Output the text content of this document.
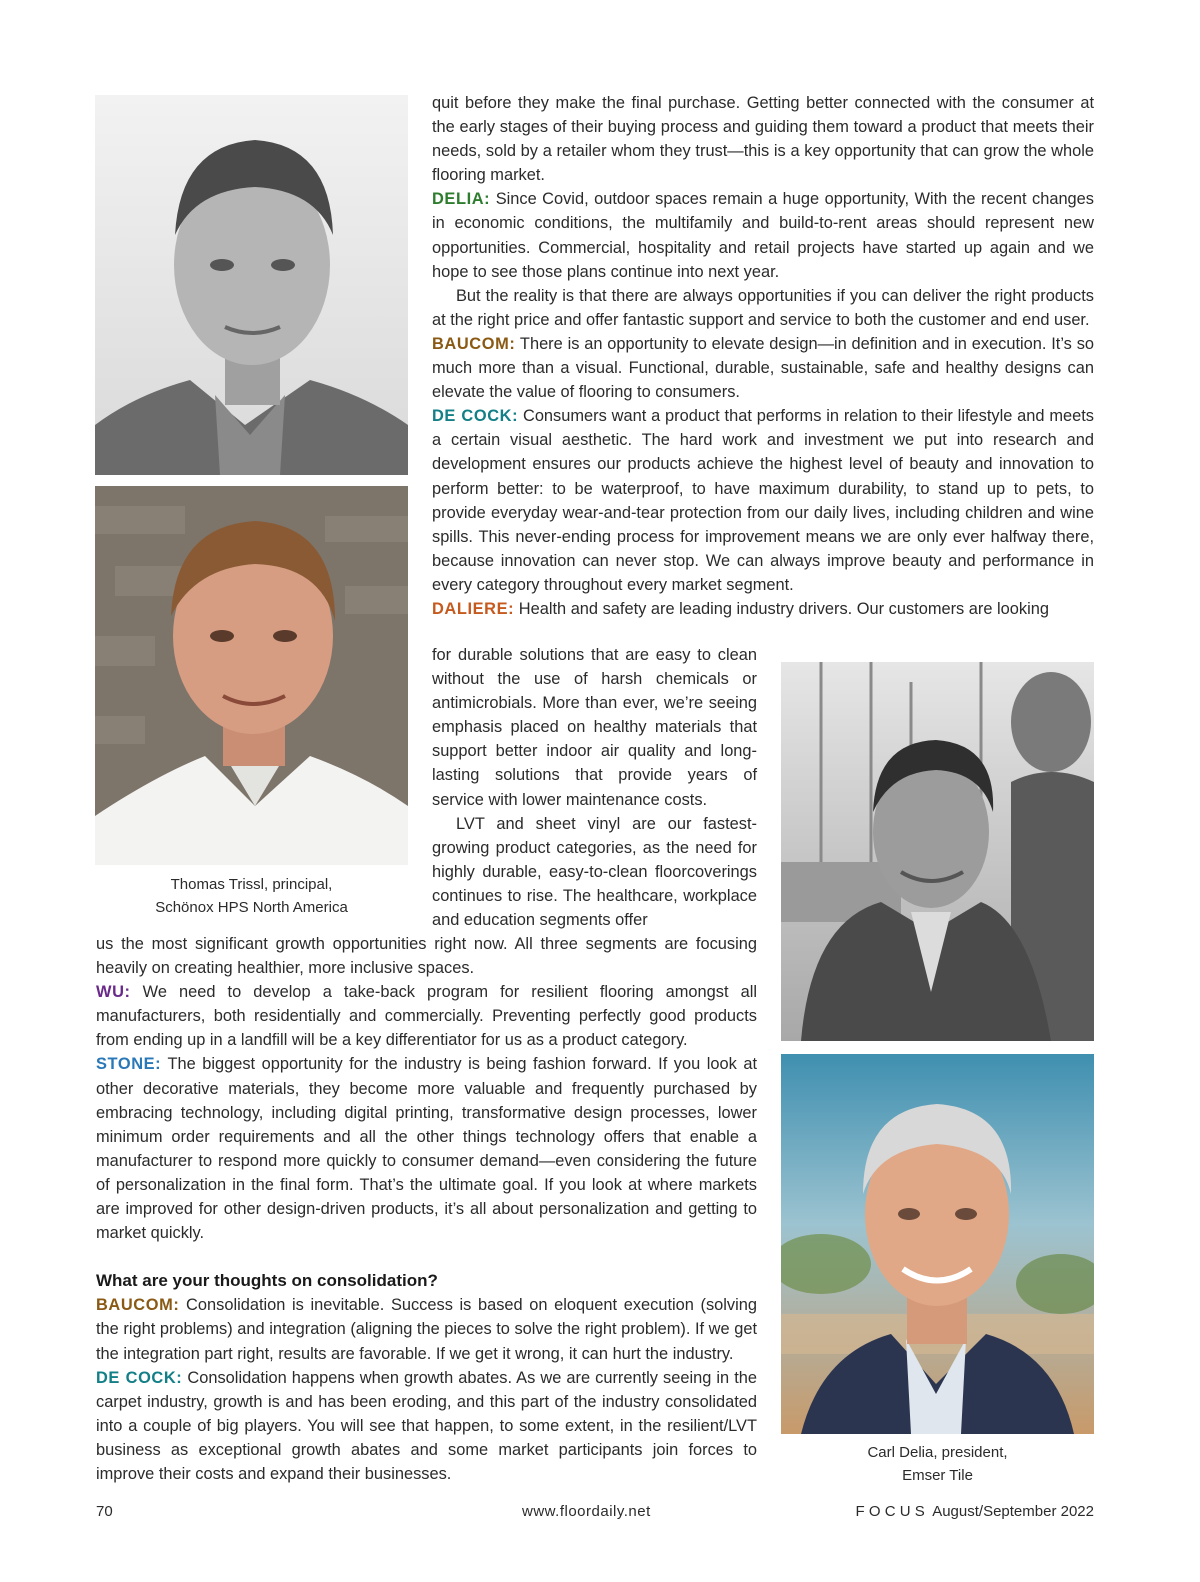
Thomas Trissl, principal,
Schönox HPS North America
Carl Delia, president,
Emser Tile

quit before they make the final purchase. Getting better connected with the consumer at the early stages of their buying process and guiding them toward a product that meets their needs, sold by a retailer whom they trust—this is a key opportunity that can grow the whole flooring market.

DELIA: Since Covid, outdoor spaces remain a huge opportunity, With the recent changes in economic conditions, the multifamily and build-to-rent areas should represent new opportunities. Commercial, hospitality and retail projects have started up again and we hope to see those plans continue into next year.

But the reality is that there are always opportunities if you can deliver the right products at the right price and offer fantastic support and service to both the customer and end user.

BAUCOM: There is an opportunity to elevate design—in definition and in execution. It’s so much more than a visual. Functional, durable, sustainable, safe and healthy designs can elevate the value of flooring to consumers.

DE COCK: Consumers want a product that performs in relation to their lifestyle and meets a certain visual aesthetic. The hard work and investment we put into research and development ensures our products achieve the highest level of beauty and innovation to perform better: to be waterproof, to have maximum durability, to stand up to pets, to provide everyday wear-and-tear protection from our daily lives, including children and wine spills. This never-ending process for improvement means we are only ever halfway there, because innovation can never stop. We can always improve beauty and performance in every category throughout every market segment.

DALIERE: Health and safety are leading industry drivers. Our customers are looking

for durable solutions that are easy to clean without the use of harsh chemicals or antimicrobials. More than ever, we’re seeing emphasis placed on healthy materials that support better indoor air quality and long-lasting solutions that provide years of service with lower maintenance costs.

LVT and sheet vinyl are our fastest-growing product categories, as the need for highly durable, easy-to-clean floorcoverings continues to rise. The healthcare, workplace and education segments offer

us the most significant growth opportunities right now. All three segments are focusing heavily on creating healthier, more inclusive spaces.

WU: We need to develop a take-back program for resilient flooring amongst all manufacturers, both residentially and commercially. Preventing perfectly good products from ending up in a landfill will be a key differentiator for us as a product category.

STONE: The biggest opportunity for the industry is being fashion forward. If you look at other decorative materials, they become more valuable and frequently purchased by embracing technology, including digital printing, transformative design processes, lower minimum order requirements and all the other things technology offers that enable a manufacturer to respond more quickly to consumer demand—even considering the future of personalization in the final form. That’s the ultimate goal. If you look at where markets are improved for other design-driven products, it’s all about personalization and getting to market quickly.

What are your thoughts on consolidation?

BAUCOM: Consolidation is inevitable. Success is based on eloquent execution (solving the right problems) and integration (aligning the pieces to solve the right problem). If we get the integration part right, results are favorable. If we get it wrong, it can hurt the industry.

DE COCK: Consolidation happens when growth abates. As we are currently seeing in the carpet industry, growth is and has been eroding, and this part of the industry consolidated into a couple of big players. You will see that happen, to some extent, in the resilient/LVT business as exceptional growth abates and some market participants join forces to improve their costs and expand their businesses.

70	www.floordaily.net	F O C U S  August/September 2022
